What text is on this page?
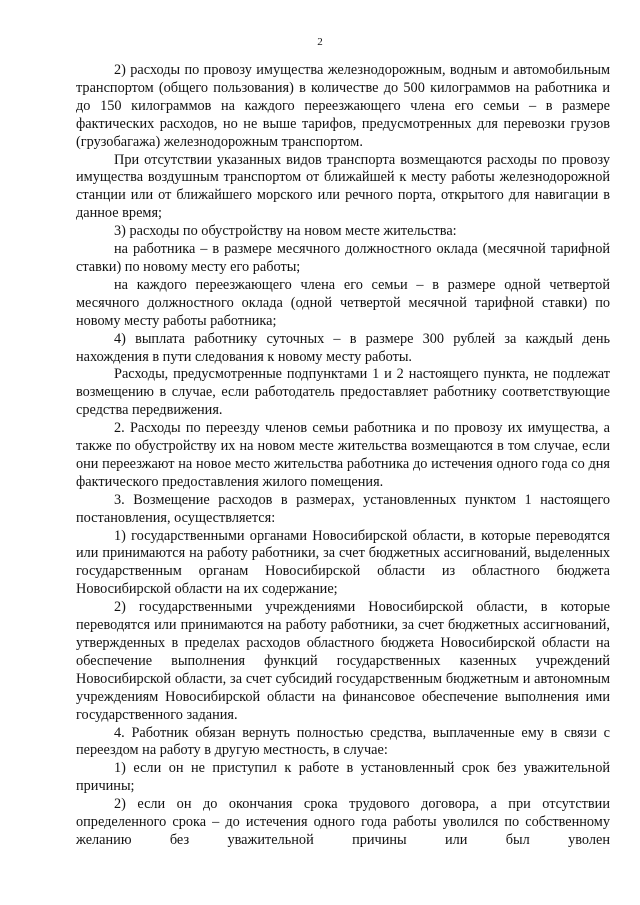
2

2) расходы по провозу имущества железнодорожным, водным и автомобильным транспортом (общего пользования) в количестве до 500 килограммов на работника и до 150 килограммов на каждого переезжающего члена его семьи – в размере фактических расходов, но не выше тарифов, предусмотренных для перевозки грузов (грузобагажа) железнодорожным транспортом.

При отсутствии указанных видов транспорта возмещаются расходы по провозу имущества воздушным транспортом от ближайшей к месту работы железнодорожной станции или от ближайшего морского или речного порта, открытого для навигации в данное время;

3) расходы по обустройству на новом месте жительства:

на работника – в размере месячного должностного оклада (месячной тарифной ставки) по новому месту его работы;

на каждого переезжающего члена его семьи – в размере одной четвертой месячного должностного оклада (одной четвертой месячной тарифной ставки) по новому месту работы работника;

4) выплата работнику суточных – в размере 300 рублей за каждый день нахождения в пути следования к новому месту работы.

Расходы, предусмотренные подпунктами 1 и 2 настоящего пункта, не подлежат возмещению в случае, если работодатель предоставляет работнику соответствующие средства передвижения.

2. Расходы по переезду членов семьи работника и по провозу их имущества, а также по обустройству их на новом месте жительства возмещаются в том случае, если они переезжают на новое место жительства работника до истечения одного года со дня фактического предоставления жилого помещения.

3. Возмещение расходов в размерах, установленных пунктом 1 настоящего постановления, осуществляется:

1) государственными органами Новосибирской области, в которые переводятся или принимаются на работу работники, за счет бюджетных ассигнований, выделенных государственным органам Новосибирской области из областного бюджета Новосибирской области на их содержание;

2) государственными учреждениями Новосибирской области, в которые переводятся или принимаются на работу работники, за счет бюджетных ассигнований, утвержденных в пределах расходов областного бюджета Новосибирской области на обеспечение выполнения функций государственных казенных учреждений Новосибирской области, за счет субсидий государственным бюджетным и автономным учреждениям Новосибирской области на финансовое обеспечение выполнения ими государственного задания.

4. Работник обязан вернуть полностью средства, выплаченные ему в связи с переездом на работу в другую местность, в случае:

1) если он не приступил к работе в установленный срок без уважительной причины;

2) если он до окончания срока трудового договора, а при отсутствии определенного срока – до истечения одного года работы уволился по собственному желанию без уважительной причины или был уволен
